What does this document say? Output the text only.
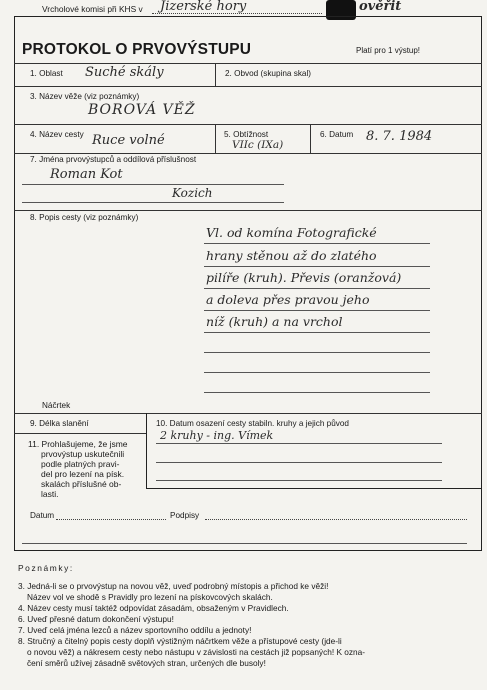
Vrcholové komisi při KHS v Jizerské hory	ověřit
PROTOKOL O PRVOVÝSTUPU	Platí pro 1 výstup!
1. Oblast Suché skály	2. Obvod (skupina skal)
3. Název věže (viz poznámky)
BOROVÁ VĚŽ
4. Název cesty Ruce volné	5. Obtížnost
VIIc (IXa)
6. Datum 8. 7. 1984
7. Jména prvovýstupců a oddílová příslušnost
Roman Kot
Kozich
8. Popis cesty (viz poznámky)
Vl. od komína Fotografické
hrany stěnou až do zlatého
pilíře (kruh). Převis (oranžová)
a doleva přes pravou jeho
níž (kruh) a na vrchol
Náčrtek
9. Délka slanění	10. Datum osazení cesty stabiln. kruhy a jejich původ
2 kruhy - ing. Vímek
11. Prohlašujeme, že jsme
prvovýstup uskutečnili
podle platných pravi-
del pro lezení na písk.
skalách příslušné ob-
lasti.
Datum	Podpisy
Poznámky:
3. Jedná-li se o prvovýstup na novou věž, uveď podrobný místopis a přichod ke věži!
Název vol ve shodě s Pravidly pro lezení na pískovcových skalách.
4. Název cesty musí taktéž odpovídat zásadám, obsaženým v Pravidlech.
6. Uveď přesné datum dokončení výstupu!
7. Uveď celá jména lezců a název sportovního oddílu a jednoty!
8. Stručný a čitelný popis cesty doplň výstižným náčrtkem věže a přístupové cesty (jde-li
o novou věž) a nákresem cesty nebo nástupu v závislosti na cestách již popsaných! K ozna-
čení směrů užívej zásadně světových stran, určených dle busoly!
